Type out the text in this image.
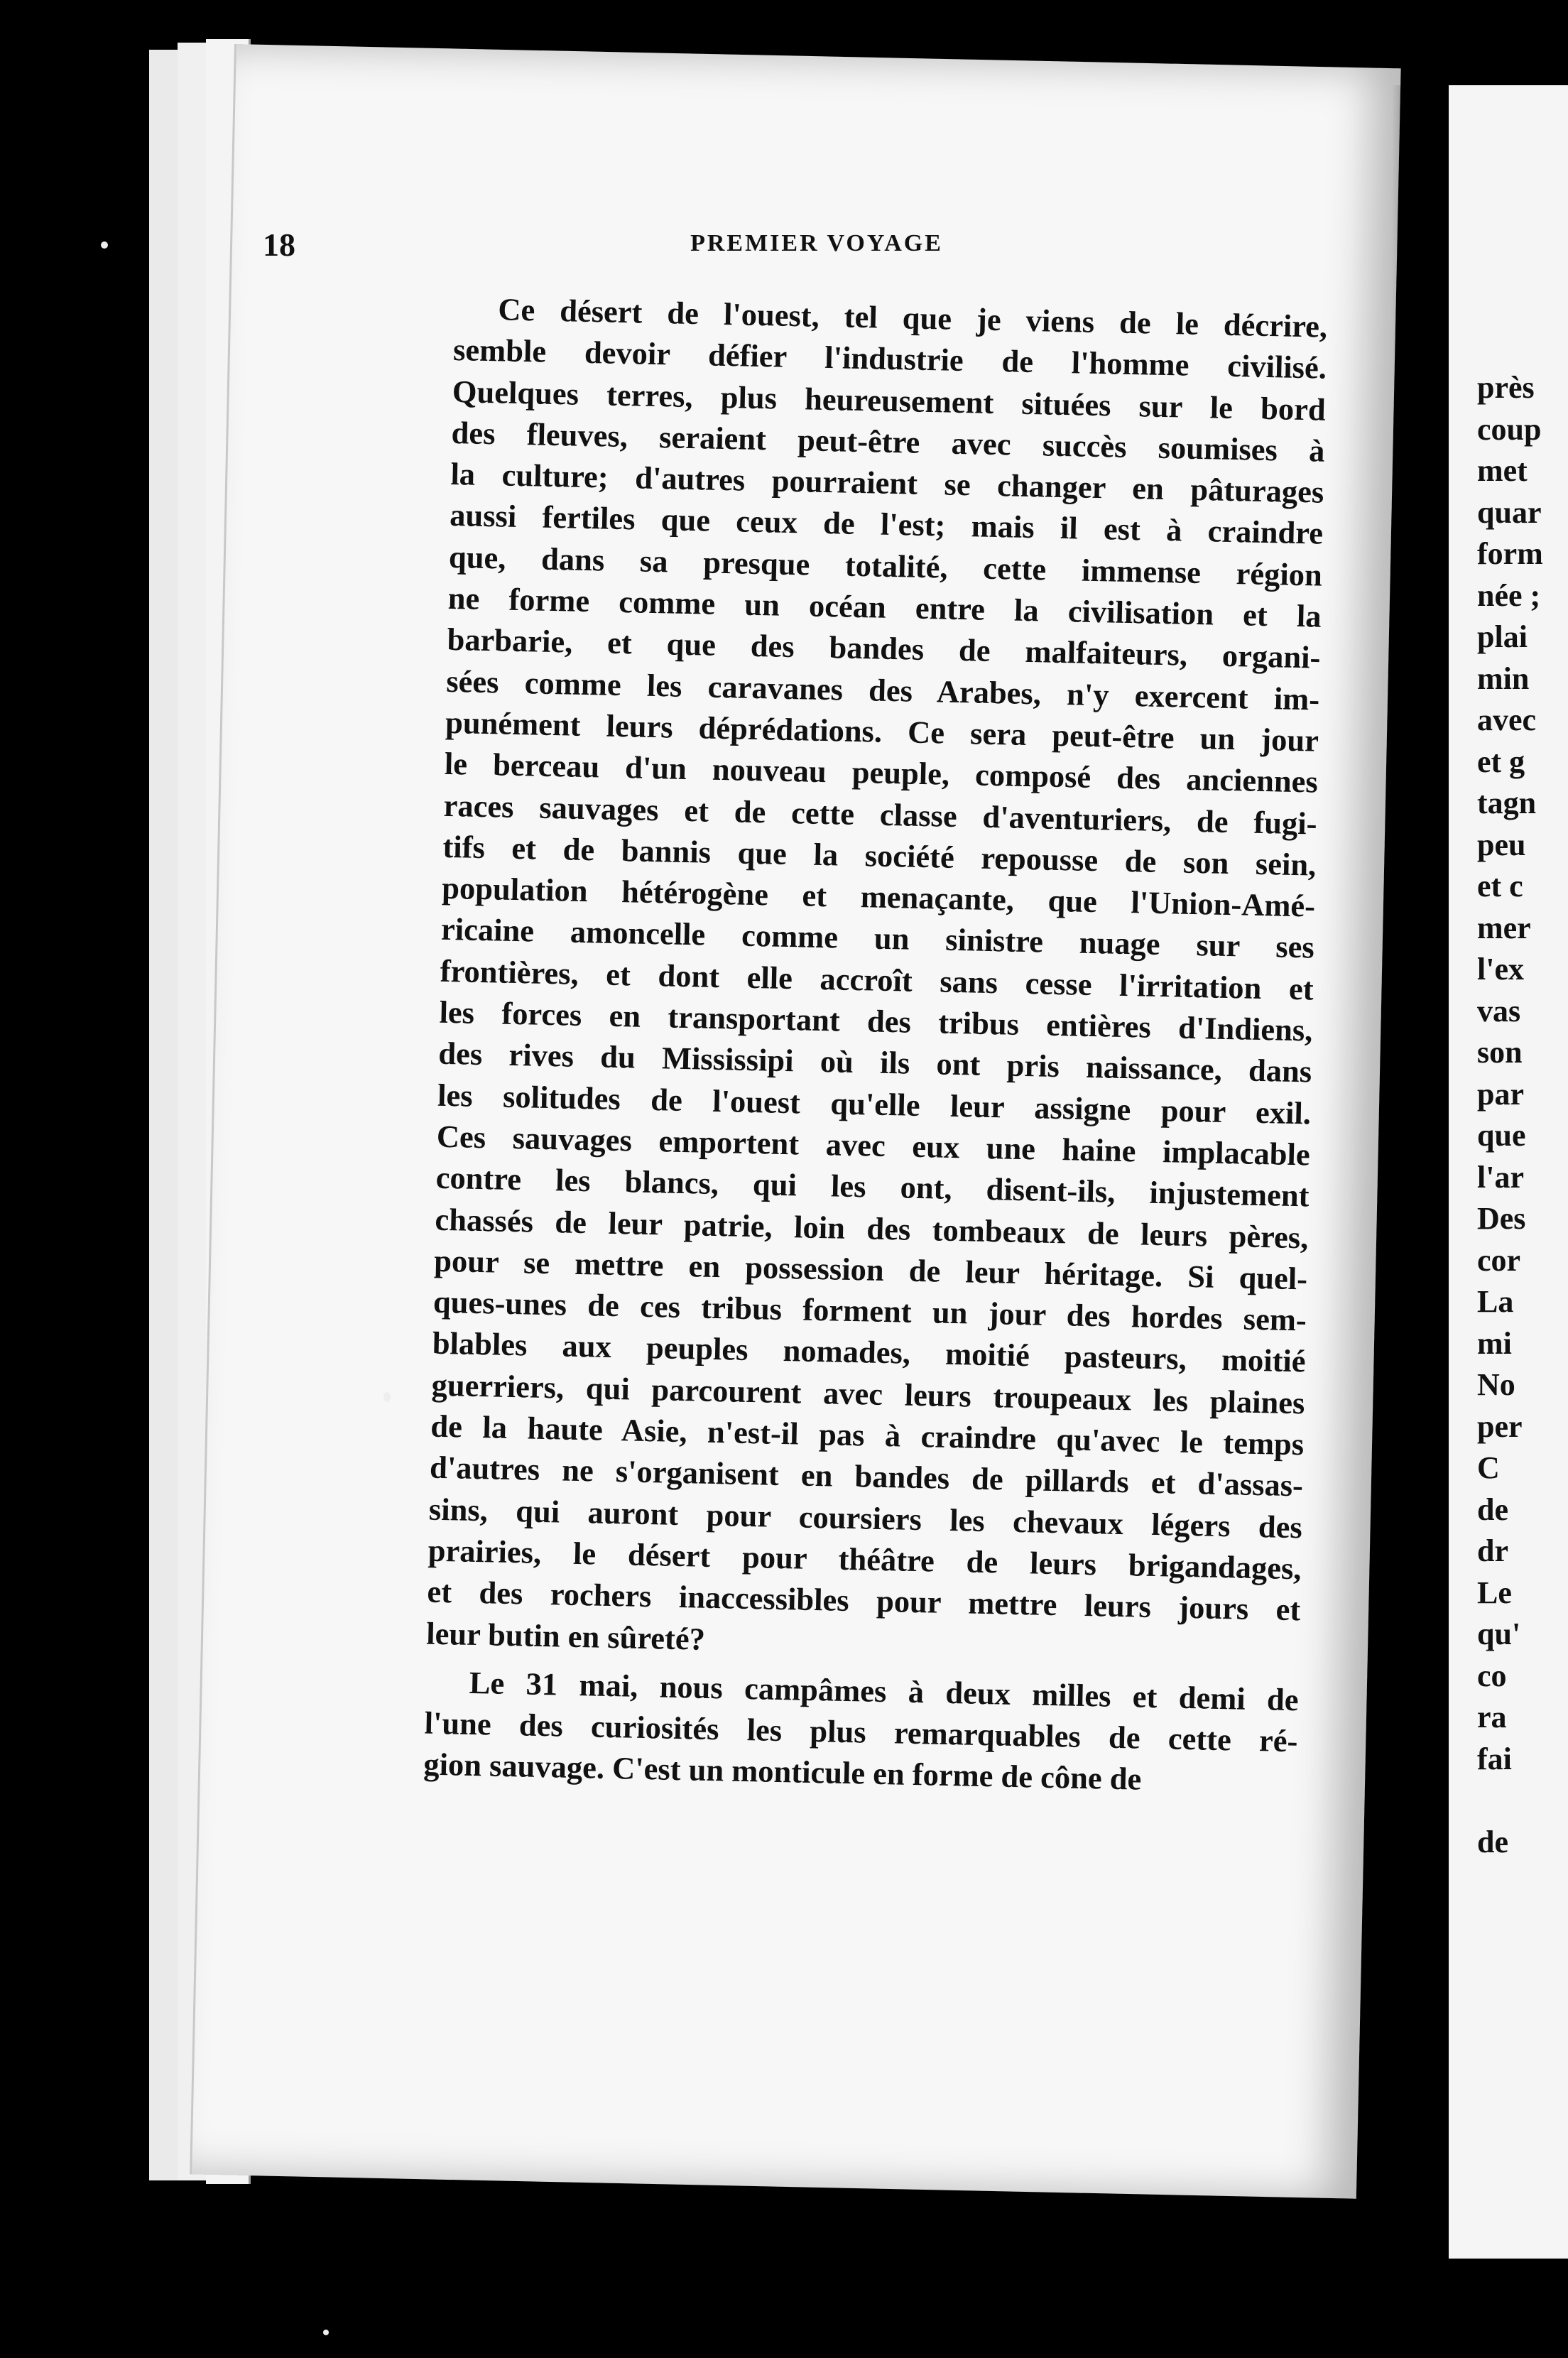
près
coup
met
quar
form
née ;
plai
min
avec
et g
tagn
peu
et c
mer
l'ex
vas
son
par
que
l'ar
Des
cor
La
mi
No
per
C
de
dr
Le
qu'
co
ra
fai
de
18	PREMIER VOYAGE
Ce désert de l'ouest, tel que je viens de le décrire,
semble devoir défier l'industrie de l'homme civilisé.
Quelques terres, plus heureusement situées sur le bord
des fleuves, seraient peut-être avec succès soumises à
la culture; d'autres pourraient se changer en pâturages
aussi fertiles que ceux de l'est; mais il est à craindre
que, dans sa presque totalité, cette immense région
ne forme comme un océan entre la civilisation et la
barbarie, et que des bandes de malfaiteurs, organi-
sées comme les caravanes des Arabes, n'y exercent im-
punément leurs déprédations. Ce sera peut-être un jour
le berceau d'un nouveau peuple, composé des anciennes
races sauvages et de cette classe d'aventuriers, de fugi-
tifs et de bannis que la société repousse de son sein,
population hétérogène et menaçante, que l'Union-Amé-
ricaine amoncelle comme un sinistre nuage sur ses
frontières, et dont elle accroît sans cesse l'irritation et
les forces en transportant des tribus entières d'Indiens,
des rives du Mississipi où ils ont pris naissance, dans
les solitudes de l'ouest qu'elle leur assigne pour exil.
Ces sauvages emportent avec eux une haine implacable
contre les blancs, qui les ont, disent-ils, injustement
chassés de leur patrie, loin des tombeaux de leurs pères,
pour se mettre en possession de leur héritage. Si quel-
ques-unes de ces tribus forment un jour des hordes sem-
blables aux peuples nomades, moitié pasteurs, moitié
guerriers, qui parcourent avec leurs troupeaux les plaines
de la haute Asie, n'est-il pas à craindre qu'avec le temps
d'autres ne s'organisent en bandes de pillards et d'assas-
sins, qui auront pour coursiers les chevaux légers des
prairies, le désert pour théâtre de leurs brigandages,
et des rochers inaccessibles pour mettre leurs jours et
leur butin en sûreté?
Le 31 mai, nous campâmes à deux milles et demi de
l'une des curiosités les plus remarquables de cette ré-
gion sauvage. C'est un monticule en forme de cône de
